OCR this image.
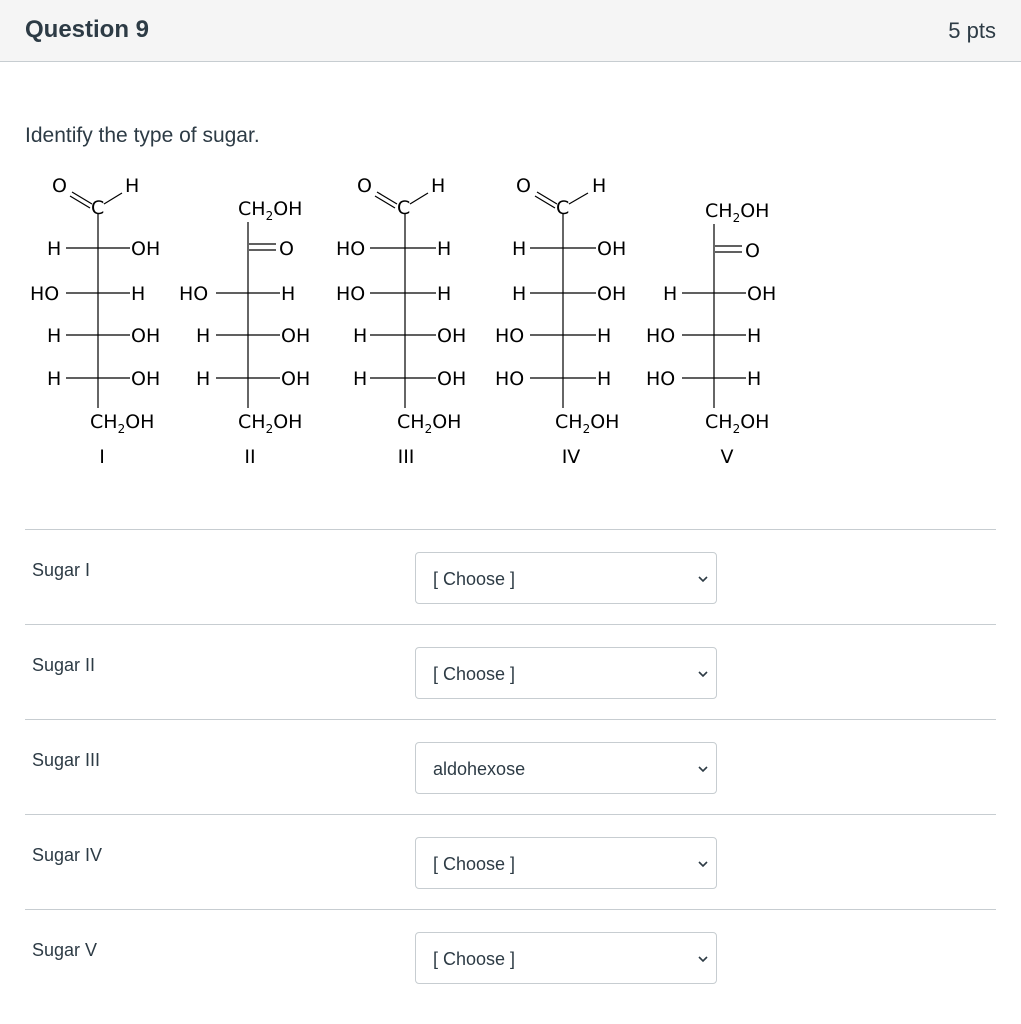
Question 9	5 pts
Identify the type of sugar.
O	H
C
H	OH
HO	H
H	OH
H	OH
$CH_2OH$
I
$CH_2OH$
O
HO	H
H	OH
H	OH
$CH_2OH$
II
O	H
C
HO	H
HO	H
H	OH
H	OH
$CH_2OH$
III
O	H
C
H	OH
H	OH
HO	H
HO	H
$CH_2OH$
IV
$CH_2OH$
O
H	OH
HO	H
HO	H
$CH_2OH$
V
Sugar I	[ Choose ]
Sugar II	[ Choose ]
Sugar III	aldohexose
Sugar IV	[ Choose ]
Sugar V	[ Choose ]
